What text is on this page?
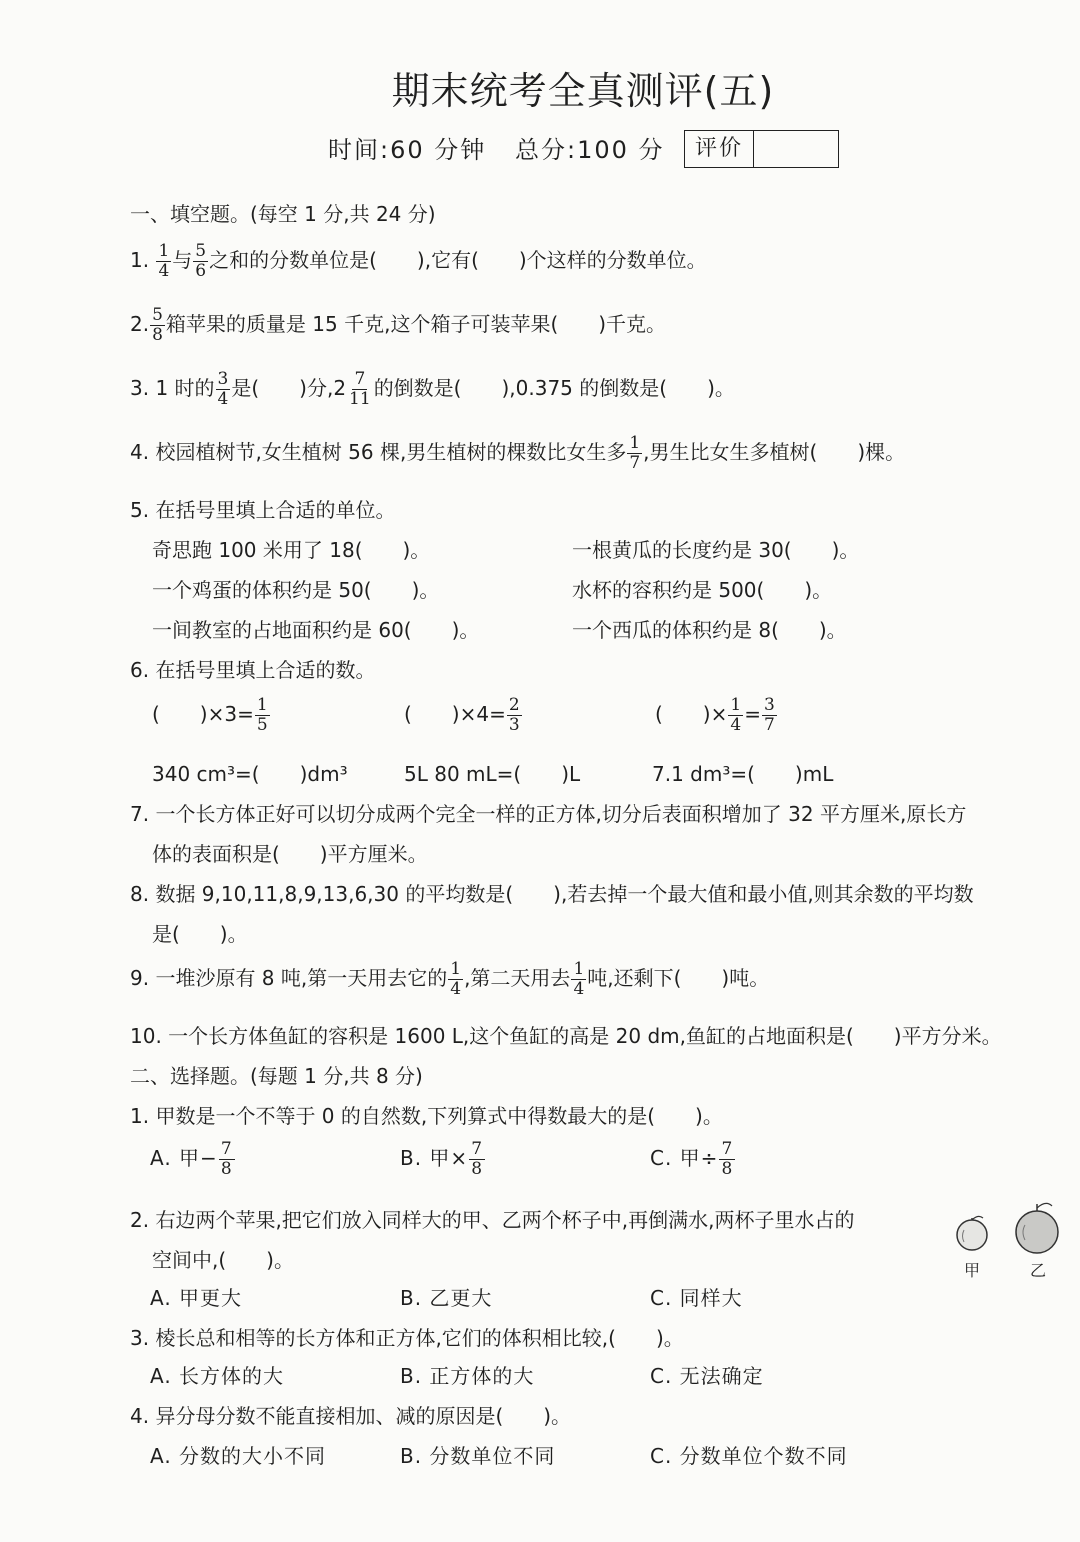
期末统考全真测评(五)
时间:60 分钟 总分:100 分	评价
一、填空题。(每空 1 分,共 24 分)
1. $\frac{1}{4}$ 与 $\frac{5}{6}$ 之和的分数单位是(　　),它有(　　)个这样的分数单位。
2. $\frac{5}{8}$ 箱苹果的质量是 15 千克,这个箱子可装苹果(　　)千克。
3. 1 时的 $\frac{3}{4}$ 是(　　)分$,2 \frac{7}{11}$ 的倒数是(　　),0.375 的倒数是(　　)。
4. 校园植树节,女生植树 56 棵,男生植树的棵数比女生多 $\frac{1}{7}$ ,男生比女生多植树(　　)棵。
5. 在括号里填上合适的单位。
奇思跑 100 米用了 18(　　)。	一根黄瓜的长度约是 30(　　)。
一个鸡蛋的体积约是 50(　　)。	水杯的容积约是 500(　　)。
一间教室的占地面积约是 60(　　)。	一个西瓜的体积约是 8(　　)。
6. 在括号里填上合适的数。
(　　)$\times 3= \frac{1}{5}$	(　　)$\times 4= \frac{2}{3}$	(　　)× $\frac{1}{4} = \frac{3}{7}$
340 cm³=(　　)dm³	5L 80 mL=(　　)L	7.1 dm³=(　　)mL
7. 一个长方体正好可以切分成两个完全一样的正方体,切分后表面积增加了 32 平方厘米,原长方
体的表面积是(　　)平方厘米。
8. 数据 9,10,11,8,9,13,6,30 的平均数是(　　),若去掉一个最大值和最小值,则其余数的平均数
是(　　)。
9. 一堆沙原有 8 吨,第一天用去它的 $\frac{1}{4}$ ,第二天用去 $\frac{1}{4}$ 吨,还剩下(　　)吨。
10. 一个长方体鱼缸的容积是 1600 L,这个鱼缸的高是 20 dm,鱼缸的占地面积是(　　)平方分米。
二、选择题。(每题 1 分,共 8 分)
1. 甲数是一个不等于 0 的自然数,下列算式中得数最大的是(　　)。
A. 甲− $\frac{7}{8}$	B. 甲× $\frac{7}{8}$	C. 甲÷ $\frac{7}{8}$
2. 右边两个苹果,把它们放入同样大的甲、乙两个杯子中,再倒满水,两杯子里水占的
空间中,(　　)。
A. 甲更大	B. 乙更大	C. 同样大
甲	乙
3. 棱长总和相等的长方体和正方体,它们的体积相比较,(　　)。
A. 长方体的大	B. 正方体的大	C. 无法确定
4. 异分母分数不能直接相加、减的原因是(　　)。
A. 分数的大小不同	B. 分数单位不同	C. 分数单位个数不同
